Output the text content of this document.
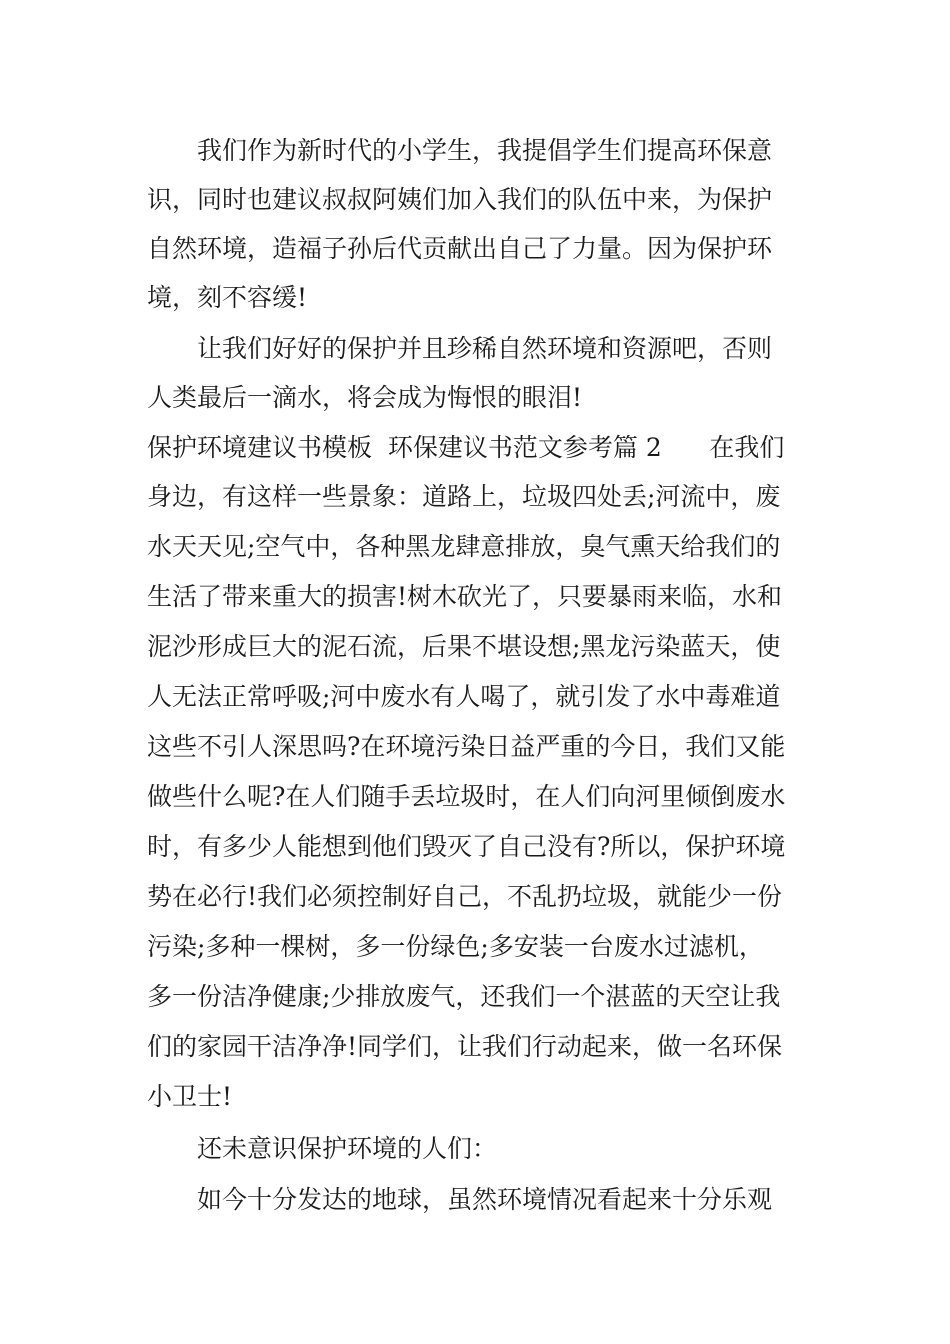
我们作为新时代的小学生，我提倡学生们提高环保意
识，同时也建议叔叔阿姨们加入我们的队伍中来，为保护
自然环境，造福子孙后代贡献出自己了力量。因为保护环
境，刻不容缓!
让我们好好的保护并且珍稀自然环境和资源吧，否则
人类最后一滴水，将会成为悔恨的眼泪!
保护环境建议书模板  环保建议书范文参考篇 2      在我们
身边，有这样一些景象：道路上，垃圾四处丢;河流中，废
水天天见;空气中，各种黑龙肆意排放，臭气熏天给我们的
生活了带来重大的损害!树木砍光了，只要暴雨来临，水和
泥沙形成巨大的泥石流，后果不堪设想;黑龙污染蓝天，使
人无法正常呼吸;河中废水有人喝了，就引发了水中毒难道
这些不引人深思吗?在环境污染日益严重的今日，我们又能
做些什么呢?在人们随手丢垃圾时，在人们向河里倾倒废水
时，有多少人能想到他们毁灭了自己没有?所以，保护环境
势在必行!我们必须控制好自己，不乱扔垃圾，就能少一份
污染;多种一棵树，多一份绿色;多安装一台废水过滤机，
多一份洁净健康;少排放废气，还我们一个湛蓝的天空让我
们的家园干洁净净!同学们，让我们行动起来，做一名环保
小卫士!
还未意识保护环境的人们：
如今十分发达的地球，虽然环境情况看起来十分乐观
